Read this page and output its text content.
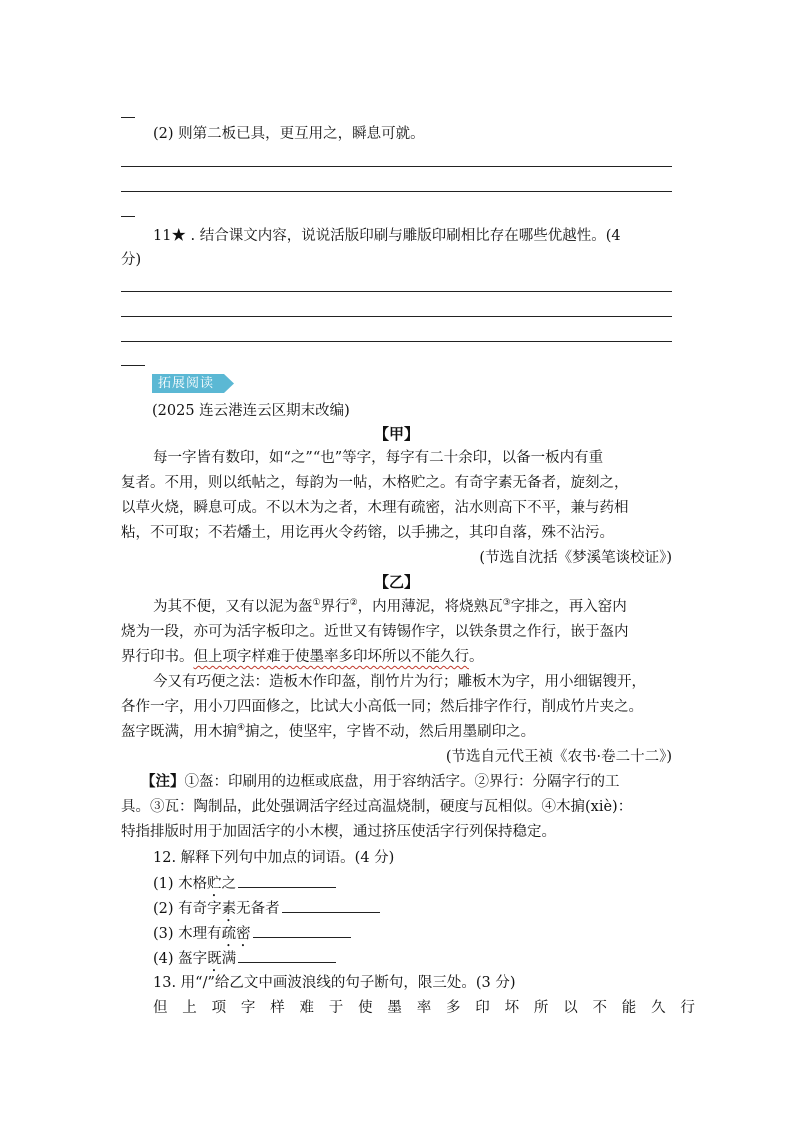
(2) 则第二板已具，更互用之，瞬息可就。
11★ . 结合课文内容，说说活版印刷与雕版印刷相比存在哪些优越性。(4
分)
拓展阅读
(2025 连云港连云区期末改编)
【甲】
每一字皆有数印，如“之”“也”等字，每字有二十余印，以备一板内有重
复者。不用，则以纸帖之，每韵为一帖，木格贮之。有奇字素无备者，旋刻之，
以草火烧，瞬息可成。不以木为之者，木理有疏密，沾水则高下不平，兼与药相
粘，不可取；不若燔土，用讫再火令药镕，以手拂之，其印自落，殊不沾污。
(节选自沈括《梦溪笔谈校证》)
【乙】
为其不便，又有以泥为盔①界行②，内用薄泥，将烧熟瓦③字排之，再入窑内
烧为一段，亦可为活字板印之。近世又有铸锡作字，以铁条贯之作行，嵌于盔内
界行印书。但上项字样难于使墨率多印坏所以不能久行。
今又有巧便之法：造板木作印盔，削竹片为行；雕板木为字，用小细锯锼开，
各作一字，用小刀四面修之，比试大小高低一同；然后排字作行，削成竹片夹之。
盔字既满，用木掮④掮之，使坚牢，字皆不动，然后用墨刷印之。
(节选自元代王祯《农书·卷二十二》)
【注】①盔：印刷用的边框或底盘，用于容纳活字。②界行：分隔字行的工
具。③瓦：陶制品，此处强调活字经过高温烧制，硬度与瓦相似。④木掮(xiè)：
特指排版时用于加固活字的小木楔，通过挤压使活字行列保持稳定。
12. 解释下列句中加点的词语。(4 分)
(1) 木格贮之
(2) 有奇字素无备者
(3) 木理有疏密
(4) 盔字既满
13. 用“/”给乙文中画波浪线的句子断句，限三处。(3 分)
但上项字样难于使墨率多印坏所以不能久行
